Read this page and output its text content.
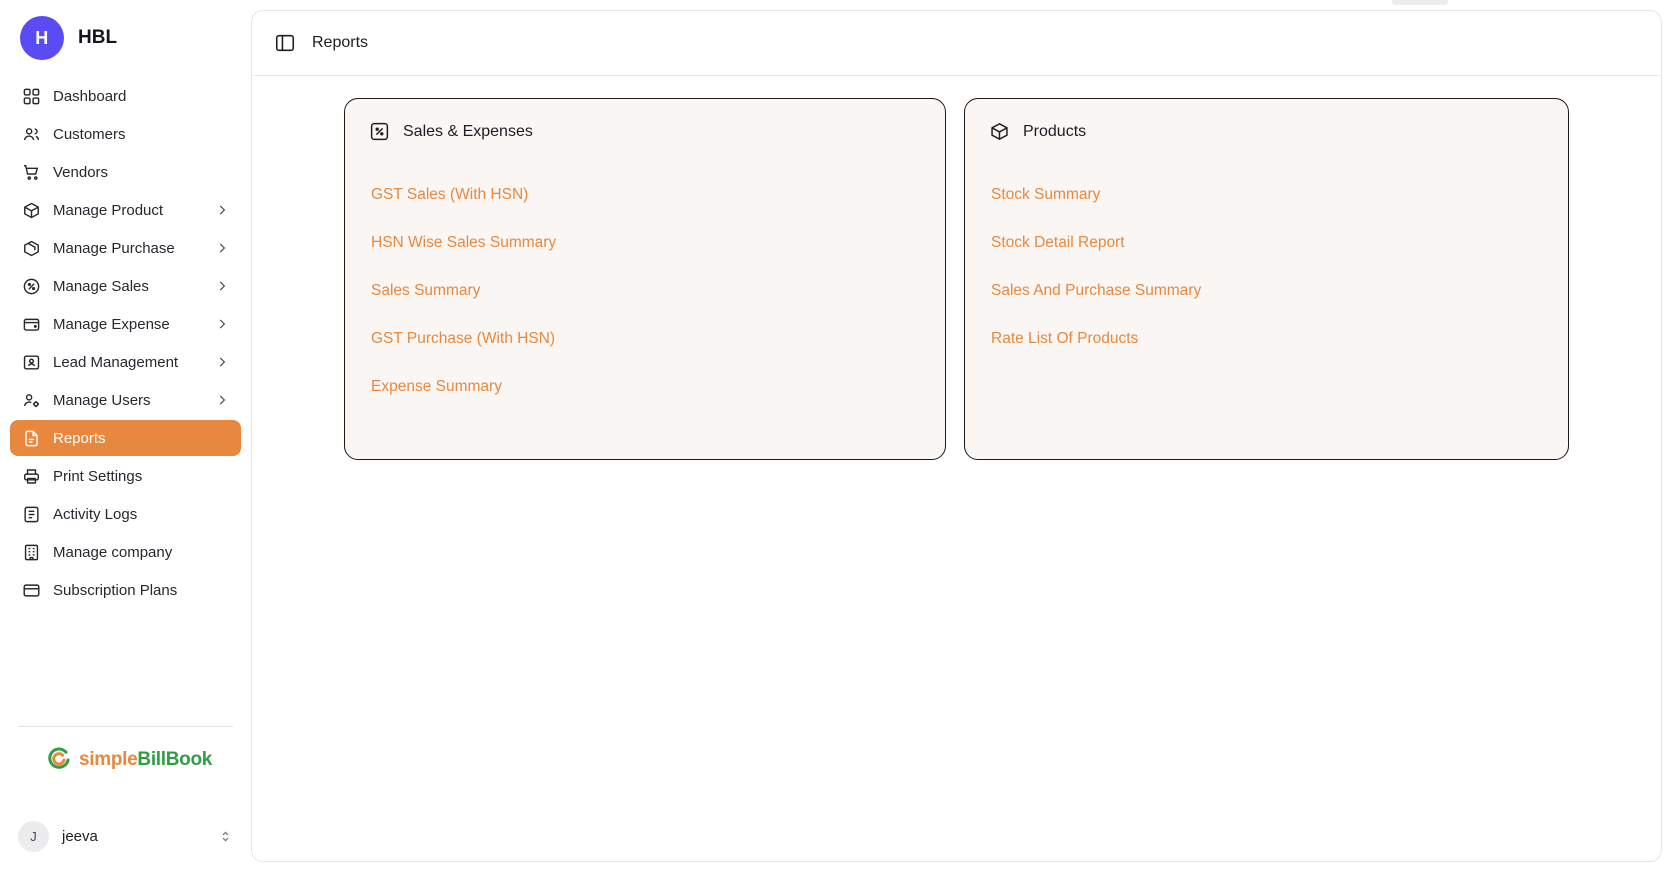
H	HBL
Dashboard
Customers
Vendors
Manage Product
Manage Purchase
Manage Sales
Manage Expense
Lead Management
Manage Users
Reports
Print Settings
Activity Logs
Manage company
Subscription Plans
simpleBillBook
J	jeeva
Reports
Sales & Expenses
GST Sales (With HSN)
HSN Wise Sales Summary
Sales Summary
GST Purchase (With HSN)
Expense Summary
Products
Stock Summary
Stock Detail Report
Sales And Purchase Summary
Rate List Of Products
